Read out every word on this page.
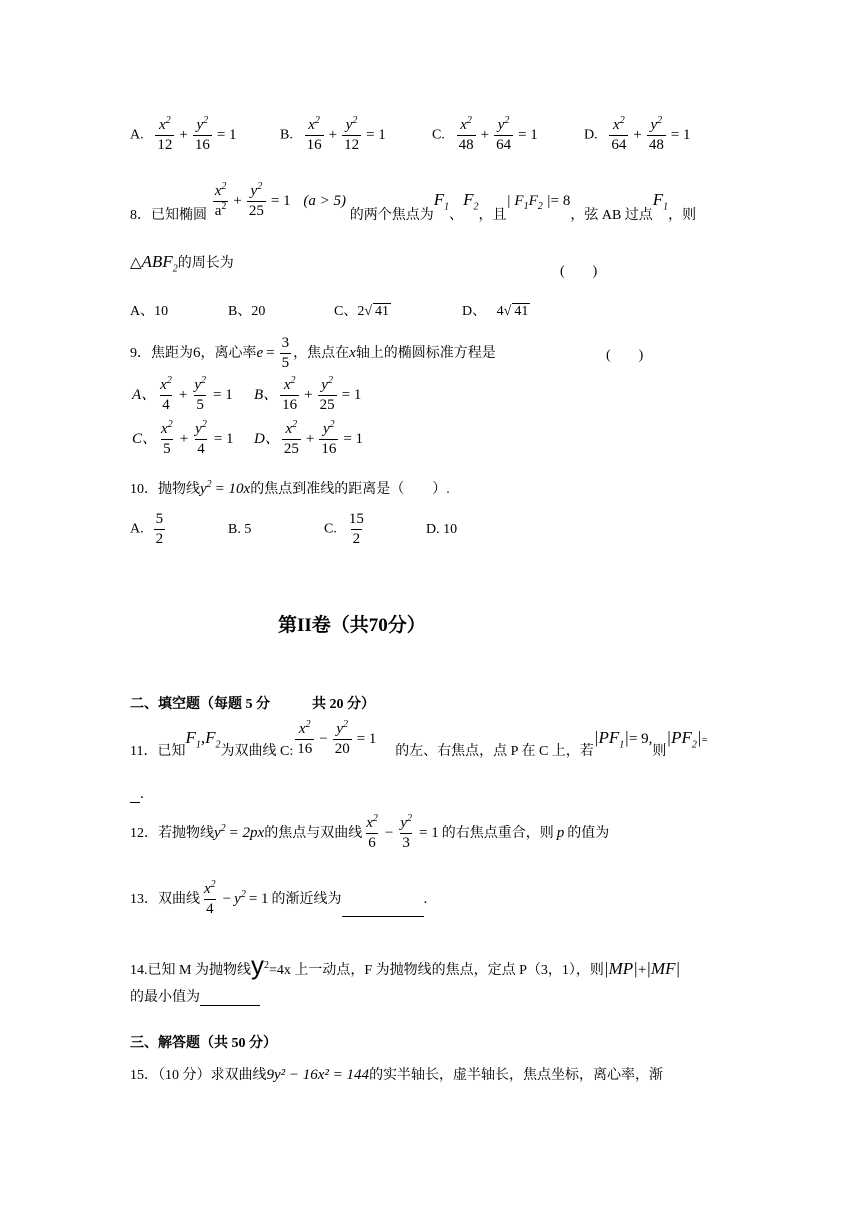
A. $\frac{x^2}{12} + \frac{y^2}{16} = 1$	B. $\frac{x^2}{16} + \frac{y^2}{12} = 1$	C. $\frac{x^2}{48} + \frac{y^2}{64} = 1$	D. $\frac{x^2}{64} + \frac{y^2}{48} = 1$
8．已知椭圆 $\frac{x^2}{a^2} + \frac{y^2}{25} = 1$ (a > 5) 的两个焦点为$F_1$、$F_2$，且| $F_1F_2$ |= 8，弦 AB 过点$F_1$，则
$\triangle ABF_2$的周长为
(　　)
A、10	B、20	C、2√ 41	D、 4√ 41
9．焦距为6，离心率$e = \frac{3}{5}$ ，焦点在x轴上的椭圆标准方程是	(　　)
A、 $\frac{x^2}{4} + \frac{y^2}{5} = 1$ B、 $\frac{x^2}{16} + \frac{y^2}{25} = 1$
C、 $\frac{x^2}{5} + \frac{y^2}{4} = 1$ D、 $\frac{x^2}{25} + \frac{y^2}{16} = 1$
10．抛物线$y^2 = 10x$的焦点到准线的距离是（　　）.
A. $\frac{5}{2}$	B. 5	C. $\frac{15}{2}$	D. 10
第II卷（共70分）
二、填空题（每题 5 分　　　共 20 分）
11．已知$F_1,F_2$为双曲线 C: $\frac{x^2}{16} - \frac{y^2}{20} = 1$ 的左、右焦点，点 P 在 C 上，若$|PF_1|= 9$,则$|PF_2|=$
.
12．若抛物线$y^2 = 2px$的焦点与双曲线 $\frac{x^2}{6} - \frac{y^2}{3} = 1$ 的右焦点重合，则 p 的值为
13．双曲线 $\frac{x^2}{4} - y^2 = 1$ 的渐近线为	.
14.已知 M 为抛物线$y^2=4x$ 上一动点，F 为抛物线的焦点，定点 P（3，1），则|MP|+|MF|
的最小值为
三、解答题（共 50 分）
15．（10 分）求双曲线9y² − 16x² = 144的实半轴长，虚半轴长，焦点坐标，离心率，渐
